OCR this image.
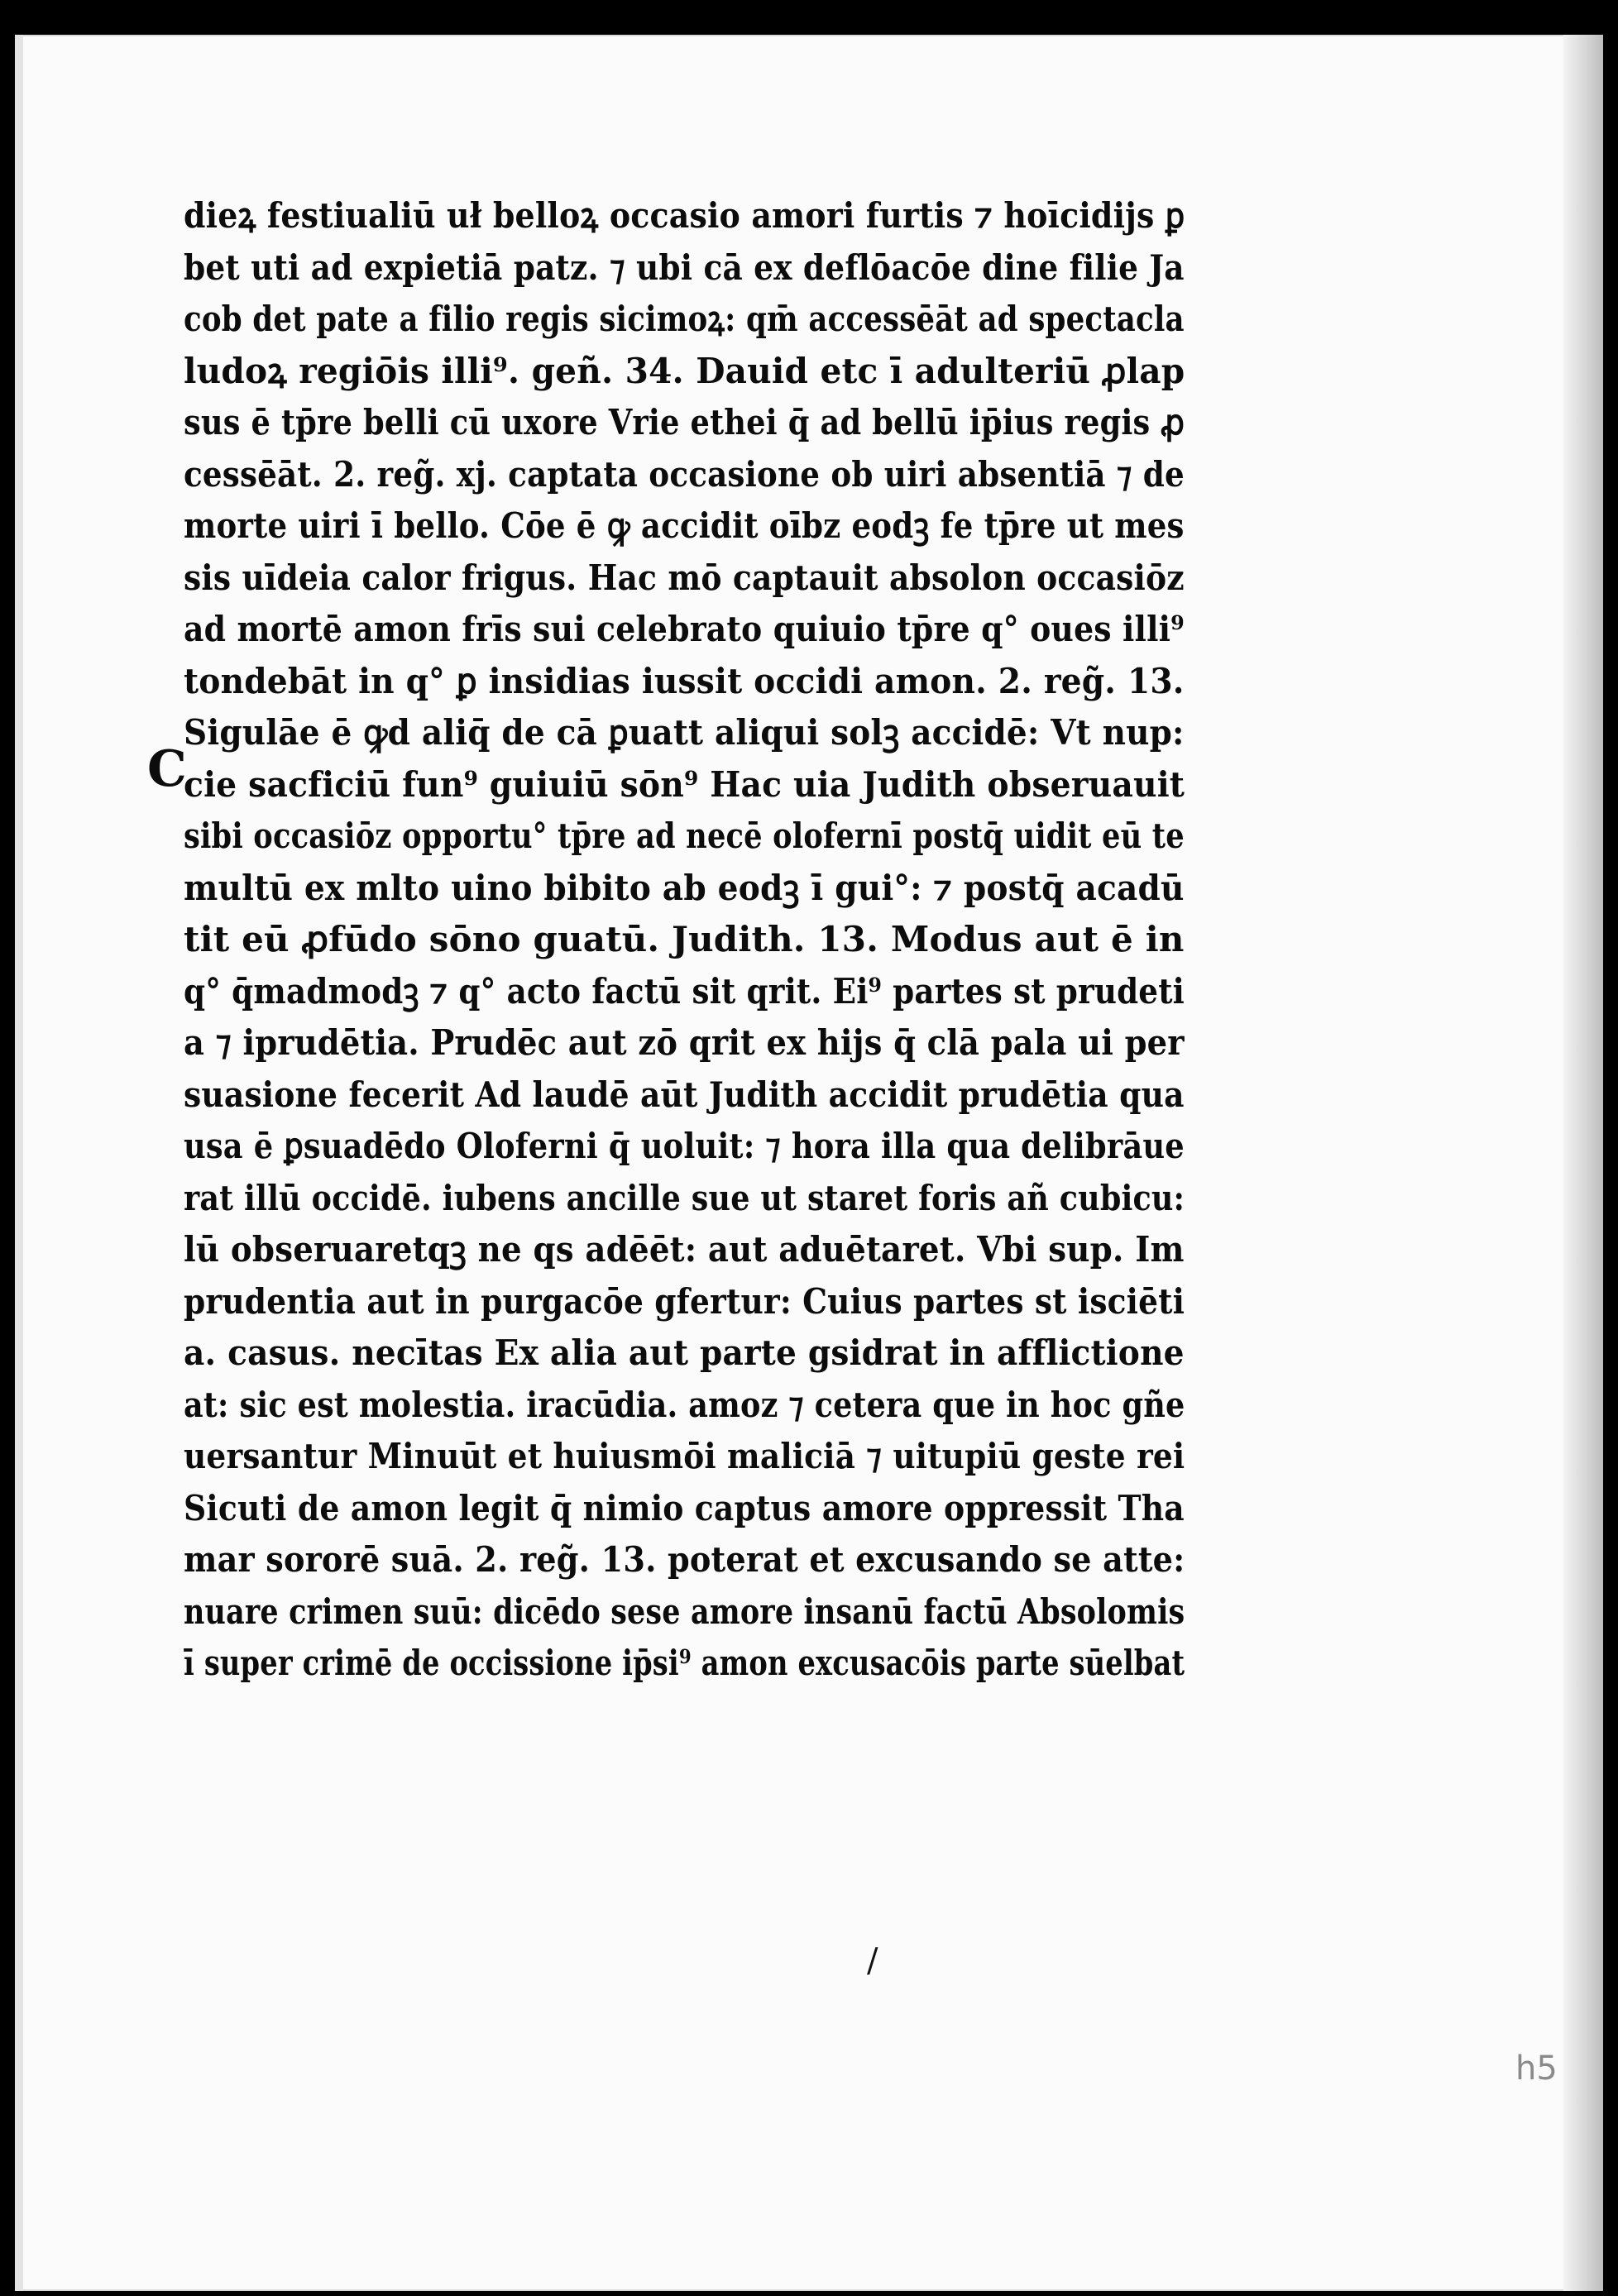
C
dieꝝ festiualiū uł belloꝝ occasio amori furtis ⁊ hoīcidijs ꝑ
bet uti ad expietiā patz. ⁊ ubi cā ex deflōacōe dine filie Ja
cob det pate a filio regis sicimoꝝ: qm̄ accessēāt ad spectacla
ludoꝝ regiōis illi⁹. geñ. 34. Dauid etc ī adulteriū ꝓlap
sus ē tp̄re belli cū uxore Vrie ethei q̄ ad bellū ip̄ius regis ꝓ
cessēāt. 2. reg̃. xj. captata occasione ob uiri absentiā ⁊ de
morte uiri ī bello. Cōe ē ꝙ accidit oībz eodꝫ fe tp̄re ut mes
sis uīdeia calor frigus. Hac mō captauit absolon occasiōz
ad mortē amon frīs sui celebrato quiuio tp̄re q° oues illi⁹
tondebāt in q° ꝑ insidias iussit occidi amon. 2. reg̃. 13.
Sigulāe ē ꝙd aliq̄ de cā ꝑuatt aliqui solꝫ accidē: Vt nup:
cie sacficiū fun⁹ guiuiū sōn⁹ Hac uia Judith obseruauit
sibi occasiōz opportu° tp̄re ad necē olofernī postq̄ uidit eū te
multū ex mlto uino bibito ab eodꝫ ī gui°: ⁊ postq̄ acadū
tit eū ꝓfūdo sōno guatū. Judith. 13. Modus aut ē in
q° q̄madmodꝫ ⁊ q° acto factū sit qrit. Ei⁹ partes st prudeti
a ⁊ iprudētia. Prudēc aut zō qrit ex hijs q̄ clā pala ui per
suasione fecerit Ad laudē aūt Judith accidit prudētia qua
usa ē ꝑsuadēdo Oloferni q̄ uoluit: ⁊ hora illa qua delibrāue
rat illū occidē. iubens ancille sue ut staret foris añ cubicu:
lū obseruaretqꝫ ne qs adēēt: aut aduētaret. Vbi sup. Im
prudentia aut in purgacōe gfertur: Cuius partes st isciēti
a. casus. necītas Ex alia aut parte gsidrat in afflictione
at: sic est molestia. iracūdia. amoz ⁊ cetera que in hoc gñe
uersantur Minuūt et huiusmōi maliciā ⁊ uitupiū geste rei
Sicuti de amon legit q̄ nimio captus amore oppressit Tha
mar sororē suā. 2. reg̃. 13. poterat et excusando se atte:
nuare crimen suū: dicēdo sese amore insanū factū Absolomis
ī super crimē de occissione ip̄si⁹ amon excusacōis parte sūelbat
/
h5
